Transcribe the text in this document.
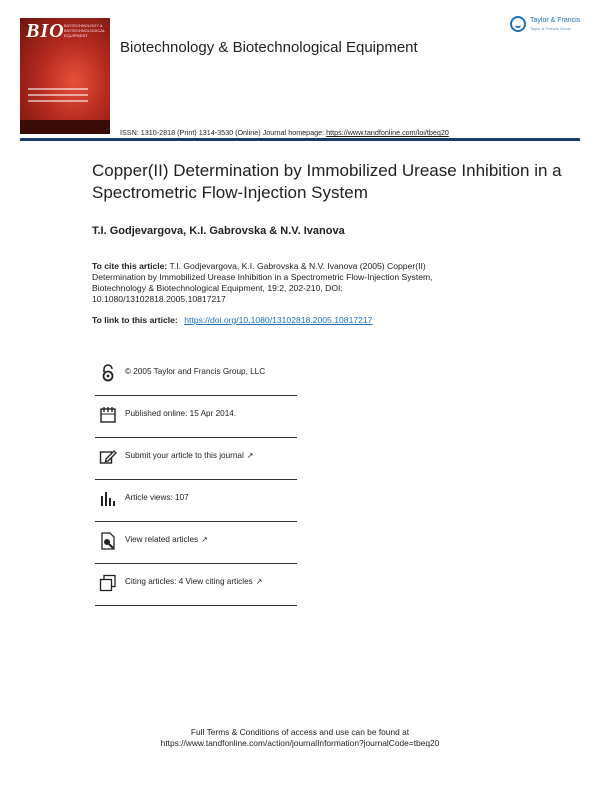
BIO BIOTECHNOLOGY & BIOTECHNOLOGICAL EQUIPMENT
Biotechnology & Biotechnological Equipment
Taylor & Francis
Taylor & Francis Group
ISSN: 1310-2818 (Print) 1314-3530 (Online) Journal homepage: https://www.tandfonline.com/loi/tbeq20
Copper(II) Determination by Immobilized Urease Inhibition in a Spectrometric Flow-Injection System
T.I. Godjevargova, K.I. Gabrovska & N.V. Ivanova
To cite this article: T.I. Godjevargova, K.I. Gabrovska & N.V. Ivanova (2005) Copper(II) Determination by Immobilized Urease Inhibition in a Spectrometric Flow-Injection System, Biotechnology & Biotechnological Equipment, 19:2, 202-210, DOI: 10.1080/13102818.2005.10817217
To link to this article: https://doi.org/10.1080/13102818.2005.10817217
© 2005 Taylor and Francis Group, LLC
Published online: 15 Apr 2014.
Submit your article to this journal ↗
Article views: 107
View related articles ↗
Citing articles: 4 View citing articles ↗
Full Terms & Conditions of access and use can be found at
https://www.tandfonline.com/action/journalInformation?journalCode=tbeq20
